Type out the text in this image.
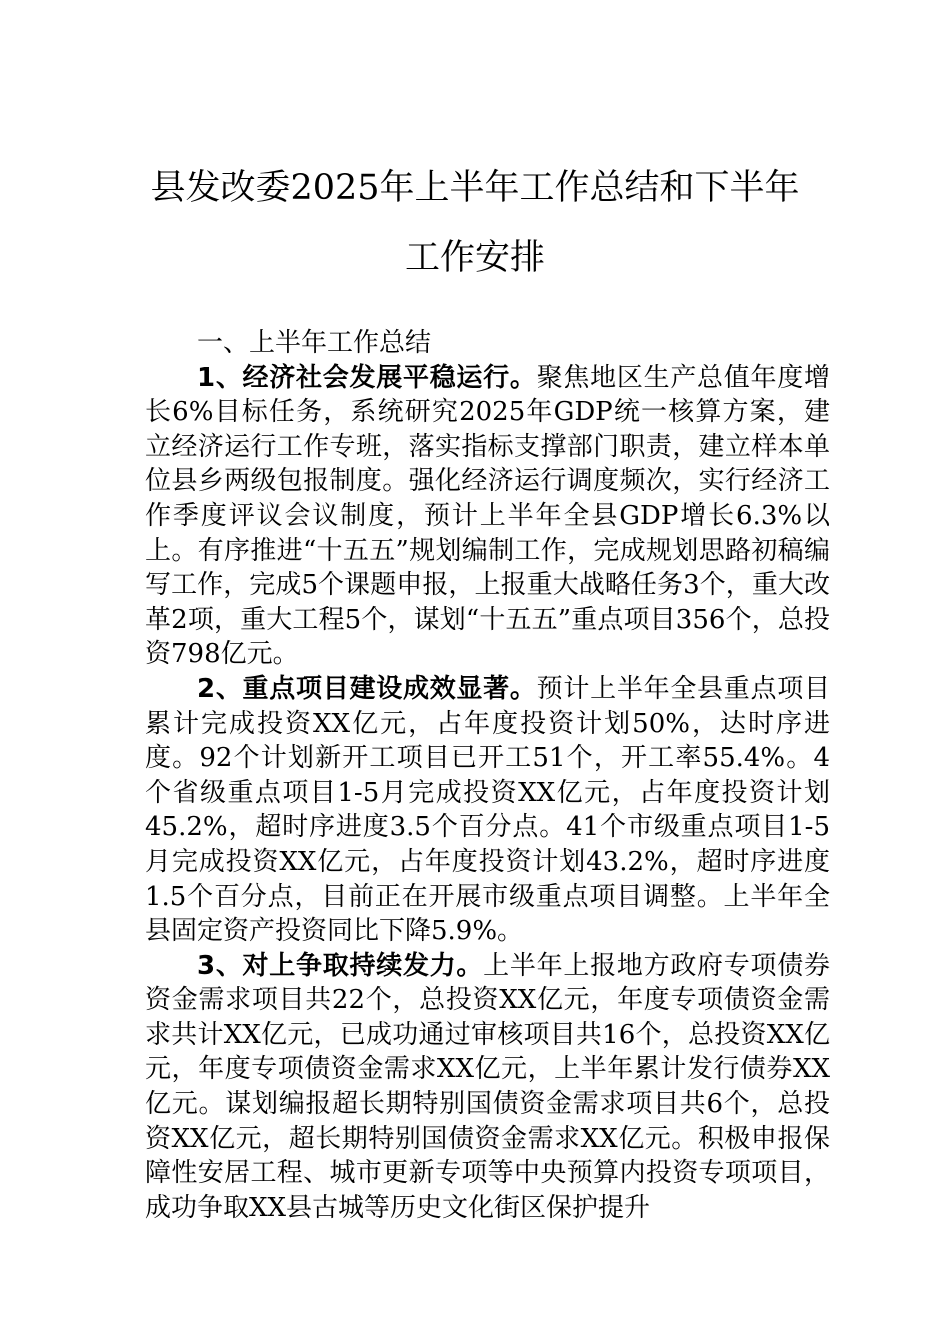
县发改委2025年上半年工作总结和下半年
工作安排

一、上半年工作总结

1、经济社会发展平稳运行。聚焦地区生产总值年度增长6%目标任务，系统研究2025年GDP统一核算方案，建立经济运行工作专班，落实指标支撑部门职责，建立样本单位县乡两级包报制度。强化经济运行调度频次，实行经济工作季度评议会议制度，预计上半年全县GDP增长6.3%以上。有序推进“十五五”规划编制工作，完成规划思路初稿编写工作，完成5个课题申报，上报重大战略任务3个，重大改革2项，重大工程5个，谋划“十五五”重点项目356个，总投资798亿元。

2、重点项目建设成效显著。预计上半年全县重点项目累计完成投资XX亿元，占年度投资计划50%，达时序进度。92个计划新开工项目已开工51个，开工率55.4%。4个省级重点项目1-5月完成投资XX亿元，占年度投资计划45.2%，超时序进度3.5个百分点。41个市级重点项目1-5月完成投资XX亿元，占年度投资计划43.2%，超时序进度1.5个百分点，目前正在开展市级重点项目调整。上半年全县固定资产投资同比下降5.9%。

3、对上争取持续发力。上半年上报地方政府专项债券资金需求项目共22个，总投资XX亿元，年度专项债资金需求共计XX亿元，已成功通过审核项目共16个，总投资XX亿元，年度专项债资金需求XX亿元，上半年累计发行债券XX亿元。谋划编报超长期特别国债资金需求项目共6个，总投资XX亿元，超长期特别国债资金需求XX亿元。积极申报保障性安居工程、城市更新专项等中央预算内投资专项项目，成功争取XX县古城等历史文化街区保护提升
